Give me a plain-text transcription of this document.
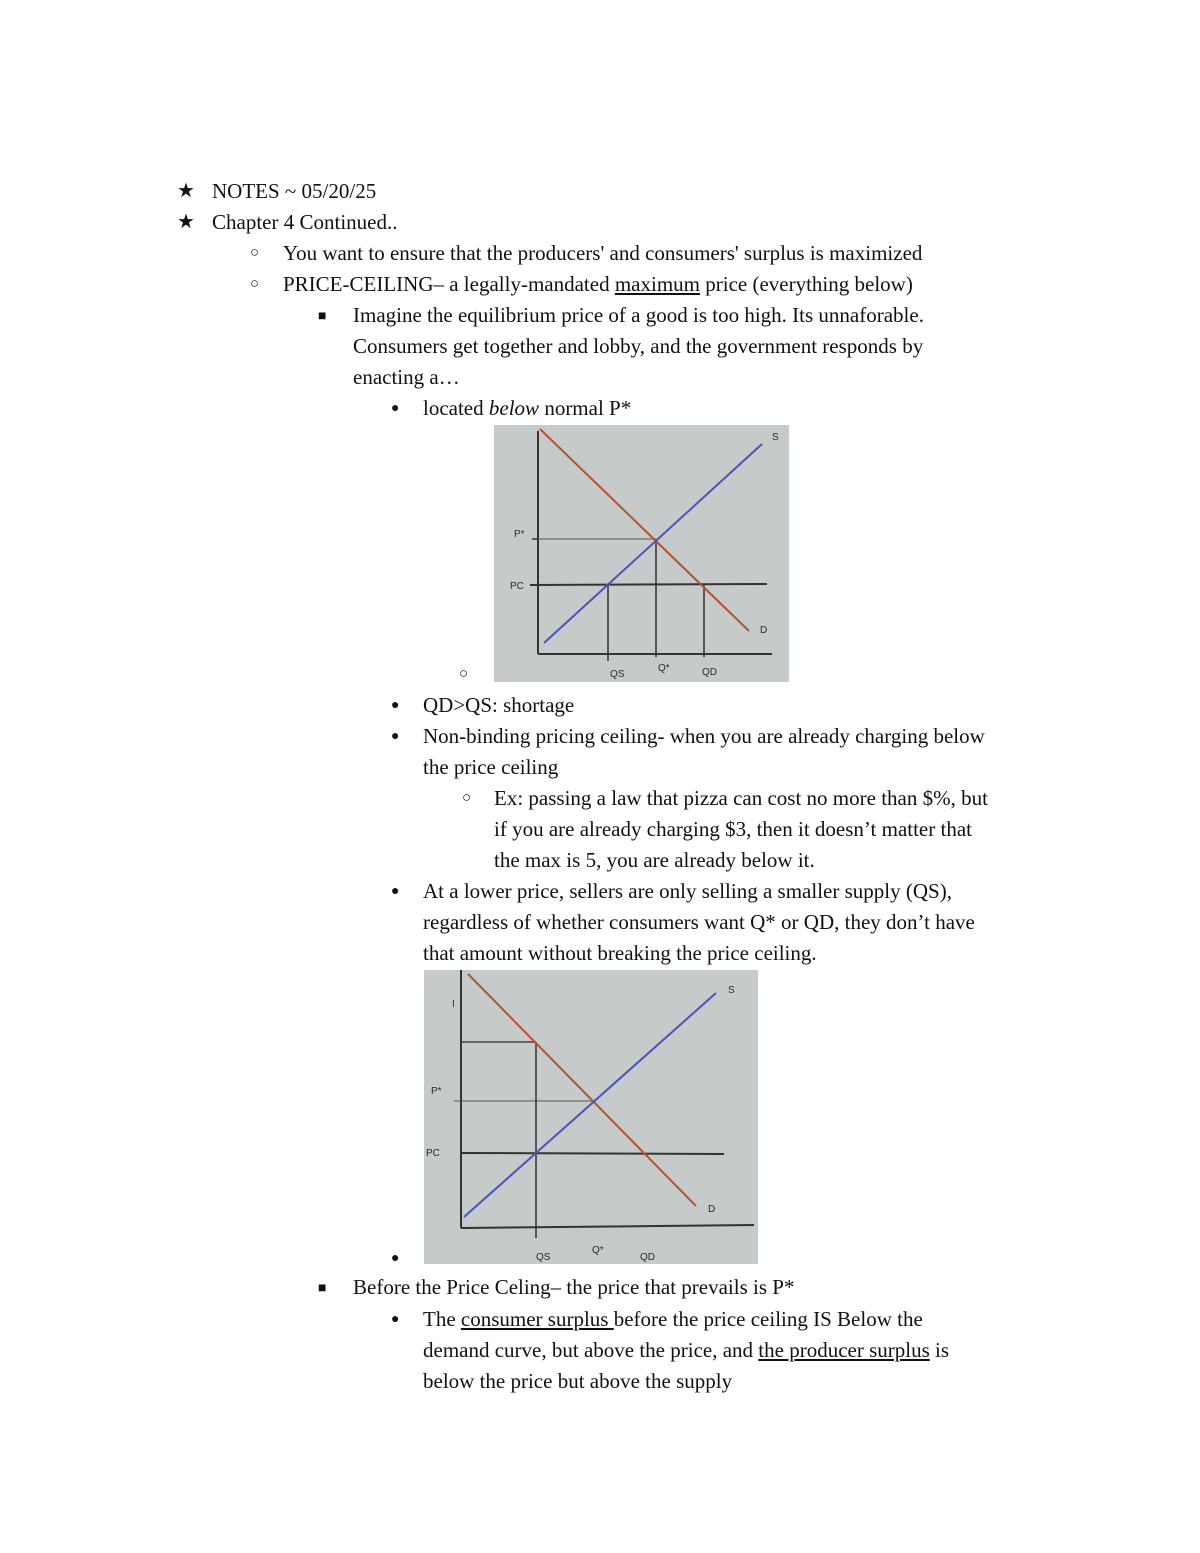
★ NOTES ~ 05/20/25
★ Chapter 4 Continued..
○ You want to ensure that the producers' and consumers' surplus is maximized
○ PRICE-CEILING– a legally-mandated maximum price (everything below)
■ Imagine the equilibrium price of a good is too high. Its unnaforable.
Consumers get together and lobby, and the government responds by
enacting a…
● located below normal P*
○
S
D
P*
PC
QS
Q*	QD
● QD>QS: shortage
● Non-binding pricing ceiling- when you are already charging below
the price ceiling
○ Ex: passing a law that pizza can cost no more than $%, but
if you are already charging $3, then it doesn’t matter that
the max is 5, you are already below it.
● At a lower price, sellers are only selling a smaller supply (QS),
regardless of whether consumers want Q* or QD, they don’t have
that amount without breaking the price ceiling.
●
I
S
D
P*
PC
QS
Q*
QD
■ Before the Price Celing– the price that prevails is P*
● The consumer surplus before the price ceiling IS Below the
demand curve, but above the price, and the producer surplus is
below the price but above the supply
